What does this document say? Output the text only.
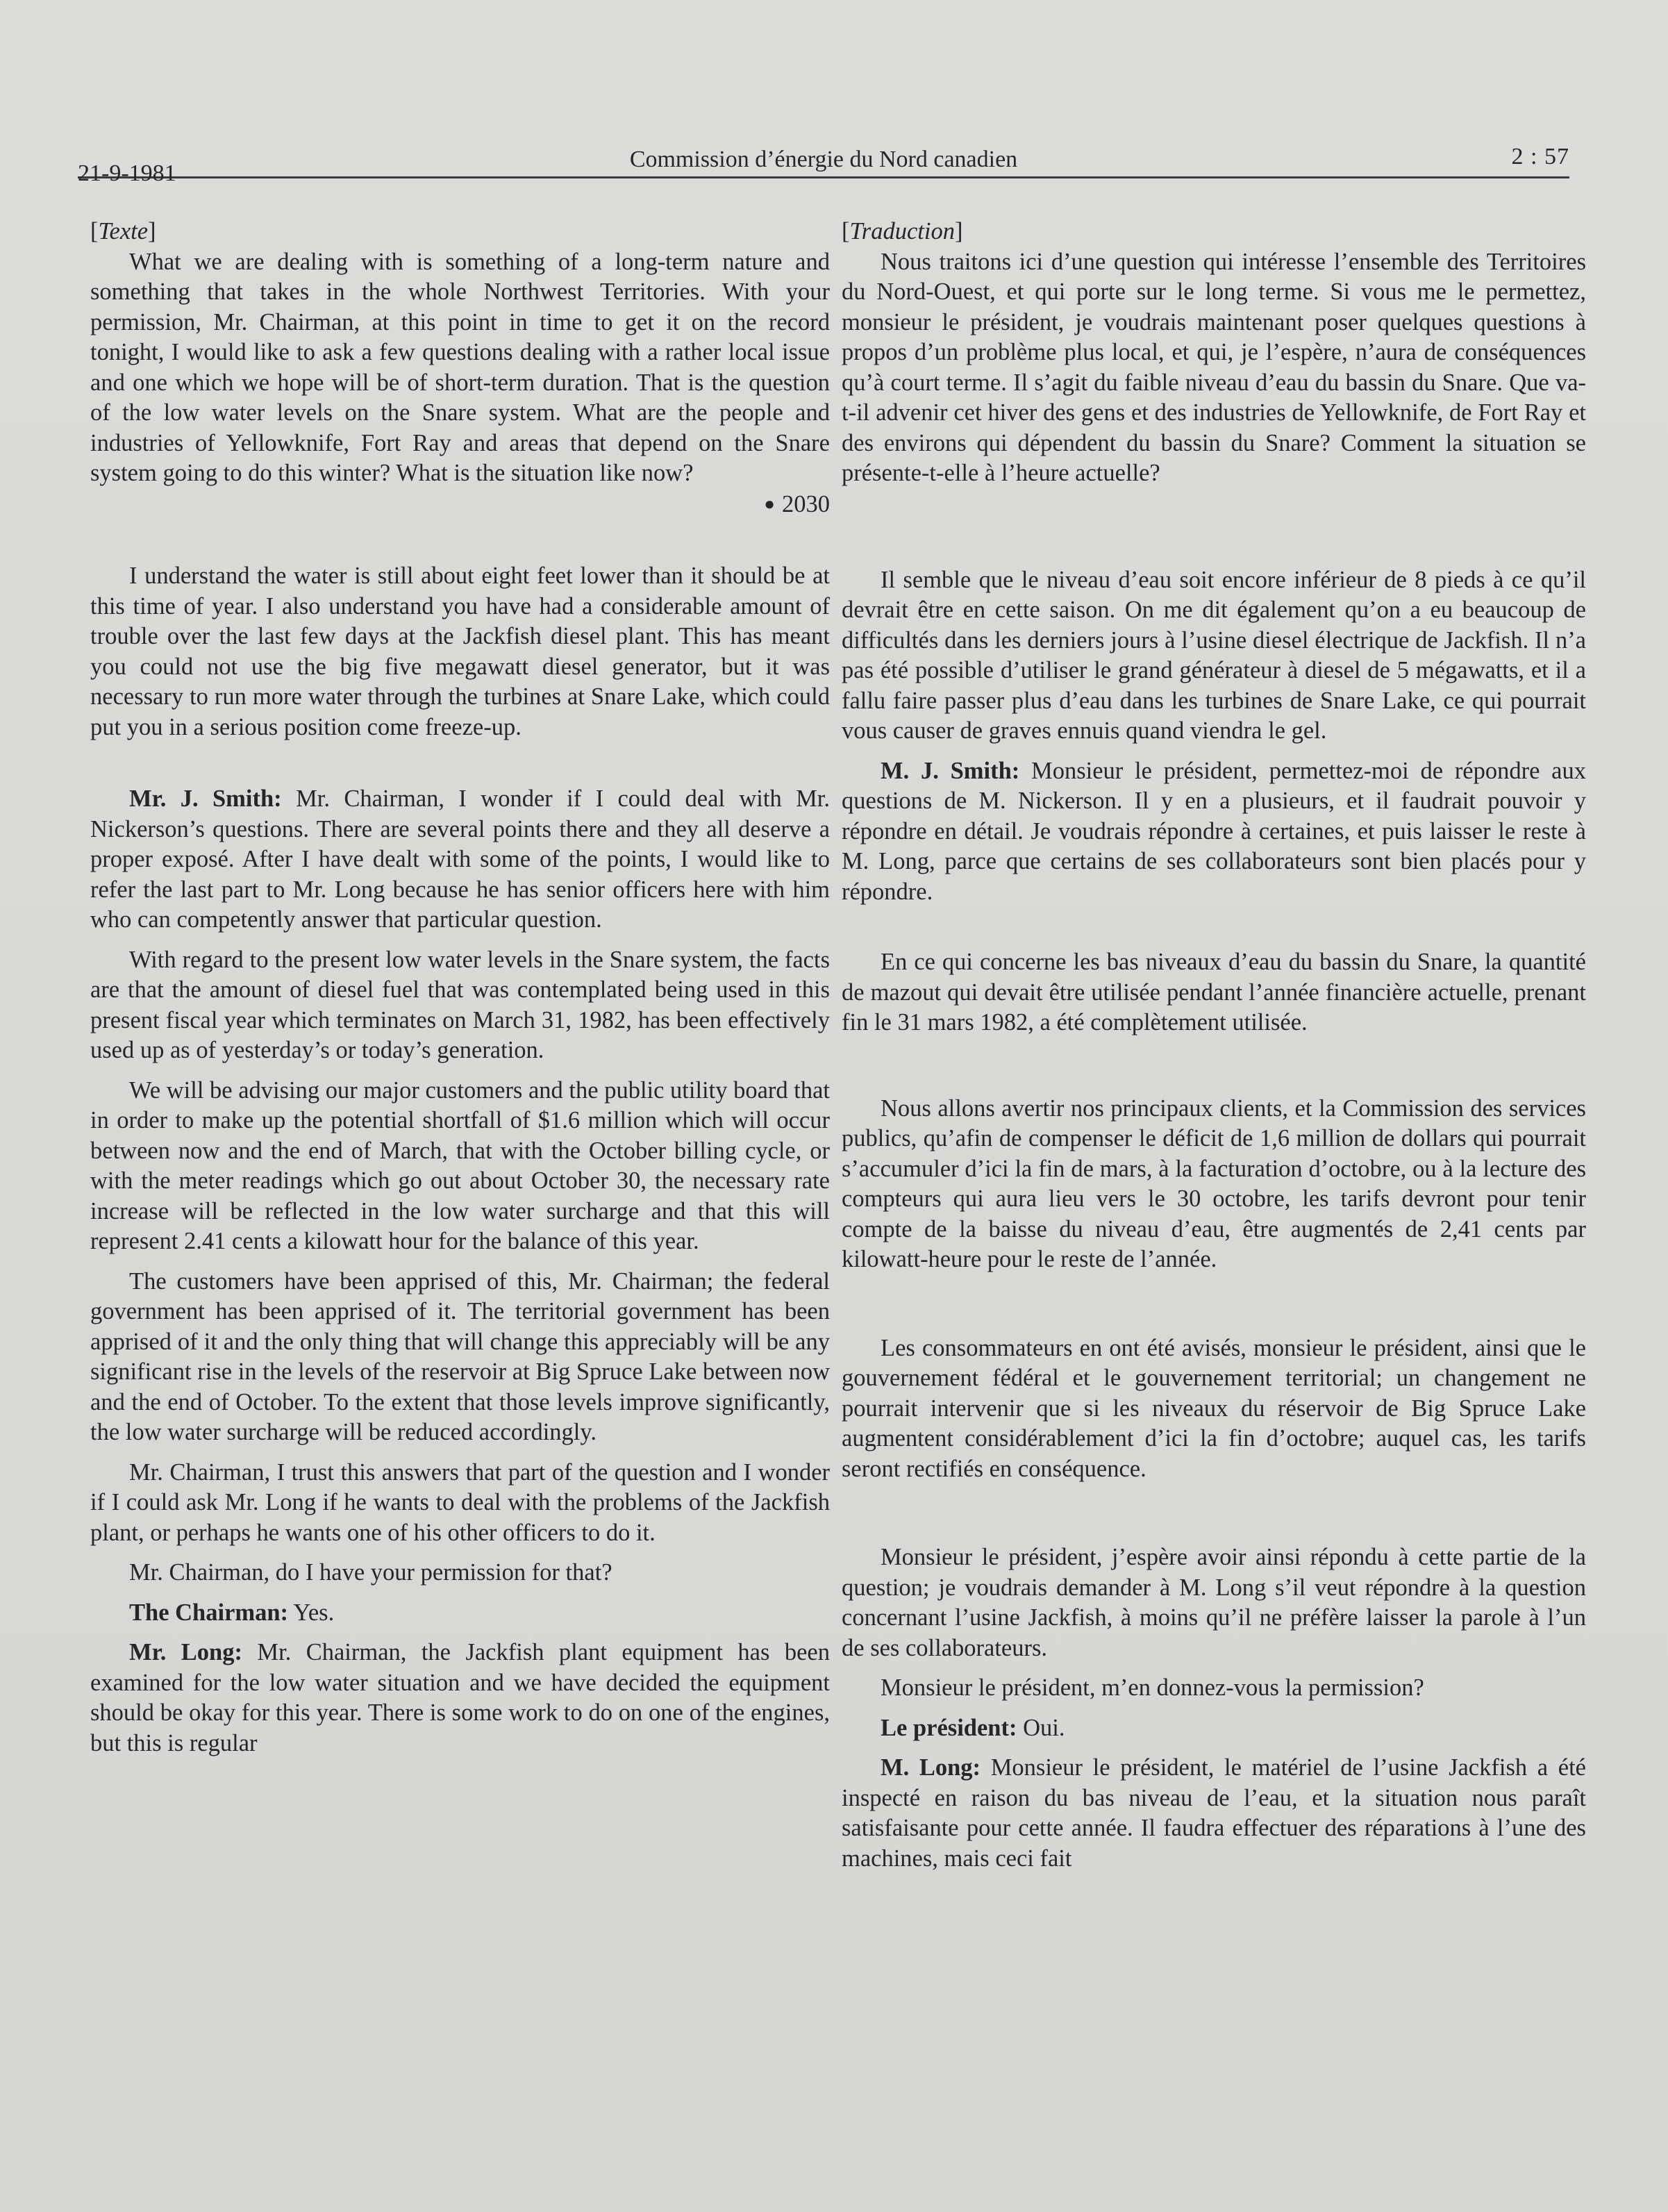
21-9-1981
Commission d’énergie du Nord canadien	2 : 57

[Texte]

What we are dealing with is something of a long-term nature and something that takes in the whole Northwest Territories. With your permission, Mr. Chairman, at this point in time to get it on the record tonight, I would like to ask a few questions dealing with a rather local issue and one which we hope will be of short-term duration. That is the question of the low water levels on the Snare system. What are the people and industries of Yellowknife, Fort Ray and areas that depend on the Snare system going to do this winter? What is the situation like now?

● 2030

I understand the water is still about eight feet lower than it should be at this time of year. I also understand you have had a considerable amount of trouble over the last few days at the Jackfish diesel plant. This has meant you could not use the big five megawatt diesel generator, but it was necessary to run more water through the turbines at Snare Lake, which could put you in a serious position come freeze-up.

Mr. J. Smith: Mr. Chairman, I wonder if I could deal with Mr. Nickerson’s questions. There are several points there and they all deserve a proper exposé. After I have dealt with some of the points, I would like to refer the last part to Mr. Long because he has senior officers here with him who can competently answer that particular question.

With regard to the present low water levels in the Snare system, the facts are that the amount of diesel fuel that was contemplated being used in this present fiscal year which terminates on March 31, 1982, has been effectively used up as of yesterday’s or today’s generation.

We will be advising our major customers and the public utility board that in order to make up the potential shortfall of $1.6 million which will occur between now and the end of March, that with the October billing cycle, or with the meter readings which go out about October 30, the necessary rate increase will be reflected in the low water surcharge and that this will represent 2.41 cents a kilowatt hour for the balance of this year.

The customers have been apprised of this, Mr. Chairman; the federal government has been apprised of it. The territorial government has been apprised of it and the only thing that will change this appreciably will be any significant rise in the levels of the reservoir at Big Spruce Lake between now and the end of October. To the extent that those levels improve significantly, the low water surcharge will be reduced accordingly.

Mr. Chairman, I trust this answers that part of the question and I wonder if I could ask Mr. Long if he wants to deal with the problems of the Jackfish plant, or perhaps he wants one of his other officers to do it.

Mr. Chairman, do I have your permission for that?

The Chairman: Yes.

Mr. Long: Mr. Chairman, the Jackfish plant equipment has been examined for the low water situation and we have decided the equipment should be okay for this year. There is some work to do on one of the engines, but this is regular

[Traduction]

Nous traitons ici d’une question qui intéresse l’ensemble des Territoires du Nord-Ouest, et qui porte sur le long terme. Si vous me le permettez, monsieur le président, je voudrais maintenant poser quelques questions à propos d’un problème plus local, et qui, je l’espère, n’aura de conséquences qu’à court terme. Il s’agit du faible niveau d’eau du bassin du Snare. Que va-t-il advenir cet hiver des gens et des industries de Yellowknife, de Fort Ray et des environs qui dépendent du bassin du Snare? Comment la situation se présente-t-elle à l’heure actuelle?

Il semble que le niveau d’eau soit encore inférieur de 8 pieds à ce qu’il devrait être en cette saison. On me dit également qu’on a eu beaucoup de difficultés dans les derniers jours à l’usine diesel électrique de Jackfish. Il n’a pas été possible d’utiliser le grand générateur à diesel de 5 mégawatts, et il a fallu faire passer plus d’eau dans les turbines de Snare Lake, ce qui pourrait vous causer de graves ennuis quand viendra le gel.

M. J. Smith: Monsieur le président, permettez-moi de répondre aux questions de M. Nickerson. Il y en a plusieurs, et il faudrait pouvoir y répondre en détail. Je voudrais répondre à certaines, et puis laisser le reste à M. Long, parce que certains de ses collaborateurs sont bien placés pour y répondre.

En ce qui concerne les bas niveaux d’eau du bassin du Snare, la quantité de mazout qui devait être utilisée pendant l’année financière actuelle, prenant fin le 31 mars 1982, a été complètement utilisée.

Nous allons avertir nos principaux clients, et la Commission des services publics, qu’afin de compenser le déficit de 1,6 million de dollars qui pourrait s’accumuler d’ici la fin de mars, à la facturation d’octobre, ou à la lecture des compteurs qui aura lieu vers le 30 octobre, les tarifs devront pour tenir compte de la baisse du niveau d’eau, être augmentés de 2,41 cents par kilowatt-heure pour le reste de l’année.

Les consommateurs en ont été avisés, monsieur le président, ainsi que le gouvernement fédéral et le gouvernement territorial; un changement ne pourrait intervenir que si les niveaux du réservoir de Big Spruce Lake augmentent considérablement d’ici la fin d’octobre; auquel cas, les tarifs seront rectifiés en conséquence.

Monsieur le président, j’espère avoir ainsi répondu à cette partie de la question; je voudrais demander à M. Long s’il veut répondre à la question concernant l’usine Jackfish, à moins qu’il ne préfère laisser la parole à l’un de ses collaborateurs.

Monsieur le président, m’en donnez-vous la permission?

Le président: Oui.

M. Long: Monsieur le président, le matériel de l’usine Jackfish a été inspecté en raison du bas niveau de l’eau, et la situation nous paraît satisfaisante pour cette année. Il faudra effectuer des réparations à l’une des machines, mais ceci fait
